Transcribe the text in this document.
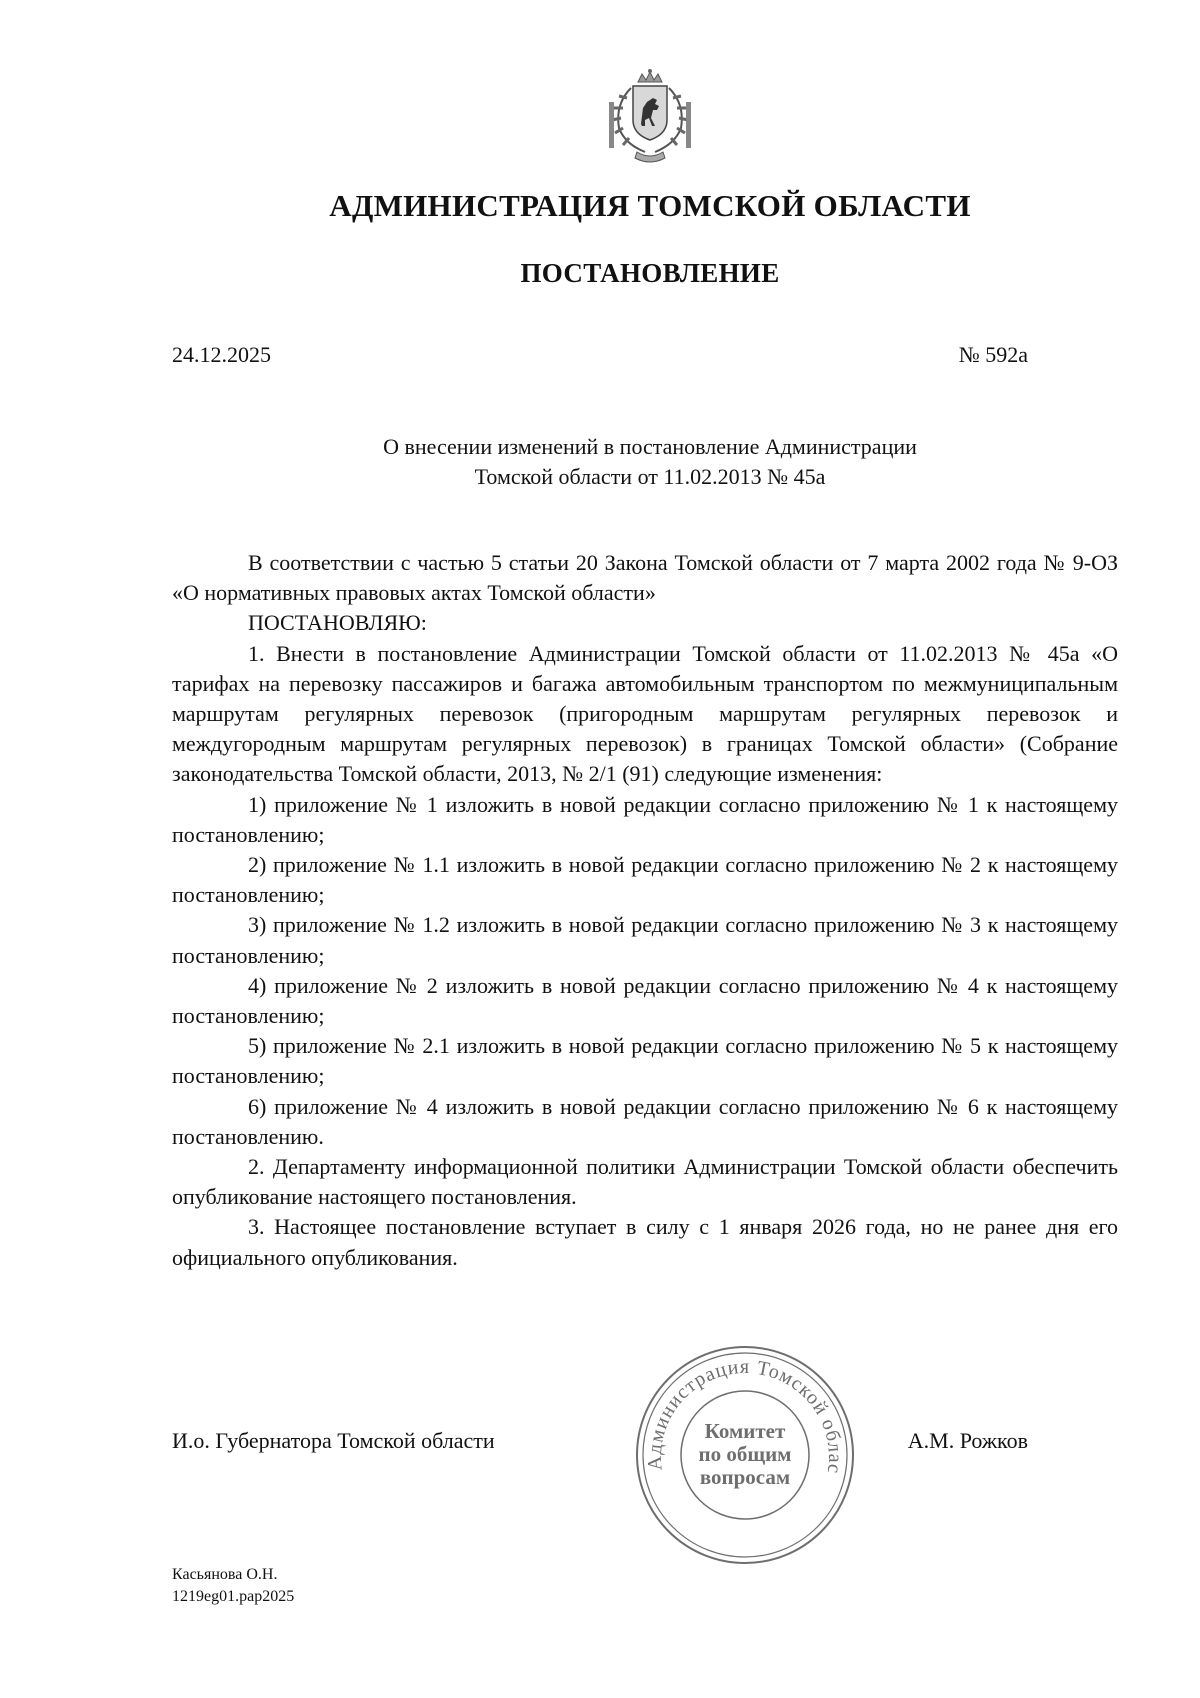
АДМИНИСТРАЦИЯ ТОМСКОЙ ОБЛАСТИ
ПОСТАНОВЛЕНИЕ
24.12.2025	№ 592а
О внесении изменений в постановление Администрации
Томской области от 11.02.2013 № 45а

В соответствии с частью 5 статьи 20 Закона Томской области от 7 марта 2002 года № 9-ОЗ «О нормативных правовых актах Томской области»

ПОСТАНОВЛЯЮ:

1. Внести в постановление Администрации Томской области от 11.02.2013 № 45а «О тарифах на перевозку пассажиров и багажа автомобильным транспортом по межмуниципальным маршрутам регулярных перевозок (пригородным маршрутам регулярных перевозок и междугородным маршрутам регулярных перевозок) в границах Томской области» (Собрание законодательства Томской области, 2013, № 2/1 (91) следующие изменения:

1) приложение № 1 изложить в новой редакции согласно приложению № 1 к настоящему постановлению;

2) приложение № 1.1 изложить в новой редакции согласно приложению № 2 к настоящему постановлению;

3) приложение № 1.2 изложить в новой редакции согласно приложению № 3 к настоящему постановлению;

4) приложение № 2 изложить в новой редакции согласно приложению № 4 к настоящему постановлению;

5) приложение № 2.1 изложить в новой редакции согласно приложению № 5 к настоящему постановлению;

6) приложение № 4 изложить в новой редакции согласно приложению № 6 к настоящему постановлению.

2. Департаменту информационной политики Администрации Томской области обеспечить опубликование настоящего постановления.

3. Настоящее постановление вступает в силу с 1 января 2026 года, но не ранее дня его официального опубликования.

И.о. Губернатора Томской области
Администрация Томской облас
Комитет
по общим
вопросам
А.М. Рожков
Касьянова О.Н.
1219eg01.pap2025
